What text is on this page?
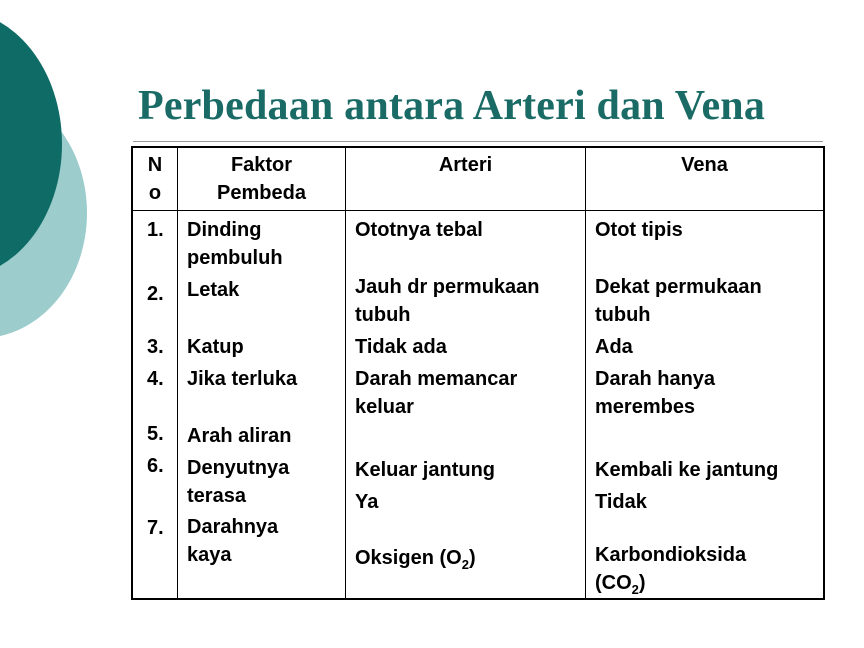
Perbedaan antara Arteri dan Vena
N
o
Faktor
Pembeda
Arteri	Vena
1.
2.
3.
4.
5.
6.
7.
Dinding
pembuluh
Letak
Katup
Jika terluka
Arah aliran
Denyutnya
terasa
Darahnya
kaya
Ototnya tebal
Jauh dr permukaan
tubuh
Tidak ada
Darah memancar
keluar
Keluar jantung
Ya
Oksigen $(O_2)$
Otot tipis
Dekat permukaan
tubuh
Ada
Darah hanya
merembes
Kembali ke jantung
Tidak
Karbondioksida
$(CO_2)$
